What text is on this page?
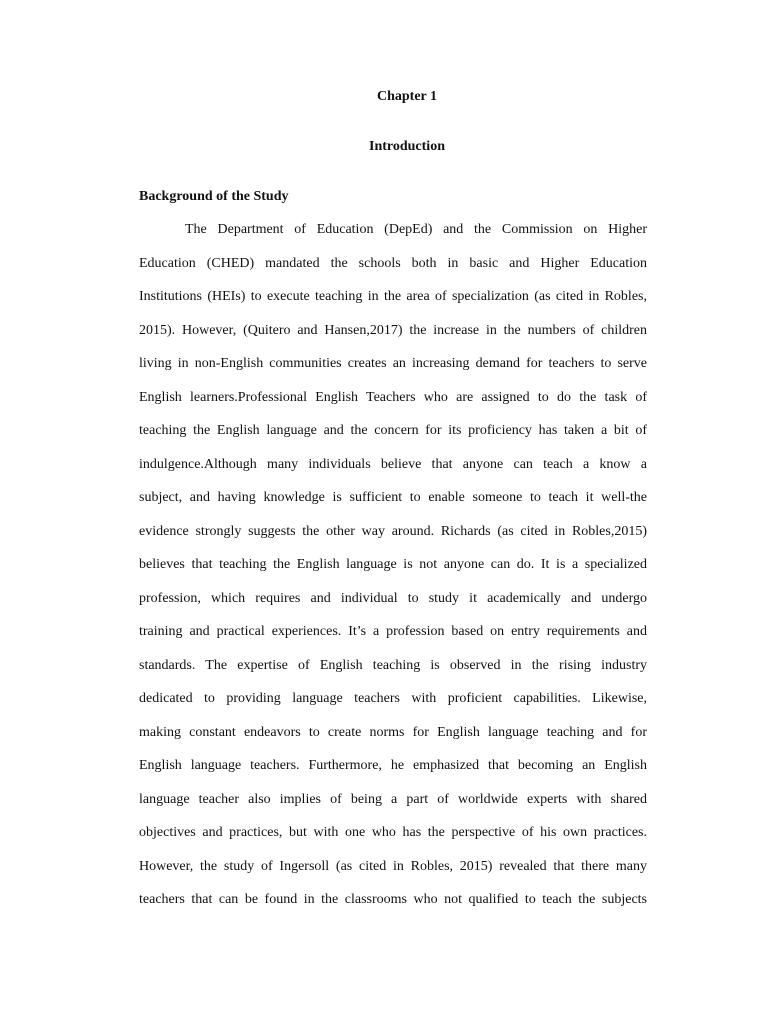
Chapter 1
Introduction
Background of the Study
The Department of Education (DepEd) and the Commission on Higher
Education (CHED) mandated the schools both in basic and Higher Education
Institutions (HEIs) to execute teaching in the area of specialization (as cited in Robles,
2015). However, (Quitero and Hansen,2017) the increase in the numbers of children
living in non-English communities creates an increasing demand for teachers to serve
English learners.Professional English Teachers who are assigned to do the task of
teaching the English language and the concern for its proficiency has taken a bit of
indulgence.Although many individuals believe that anyone can teach a know a
subject, and having knowledge is sufficient to enable someone to teach it well-the
evidence strongly suggests the other way around. Richards (as cited in Robles,2015)
believes that teaching the English language is not anyone can do. It is a specialized
profession, which requires and individual to study it academically and undergo
training and practical experiences. It’s a profession based on entry requirements and
standards. The expertise of English teaching is observed in the rising industry
dedicated to providing language teachers with proficient capabilities. Likewise,
making constant endeavors to create norms for English language teaching and for
English language teachers. Furthermore, he emphasized that becoming an English
language teacher also implies of being a part of worldwide experts with shared
objectives and practices, but with one who has the perspective of his own practices.
However, the study of Ingersoll (as cited in Robles, 2015) revealed that there many
teachers that can be found in the classrooms who not qualified to teach the subjects
